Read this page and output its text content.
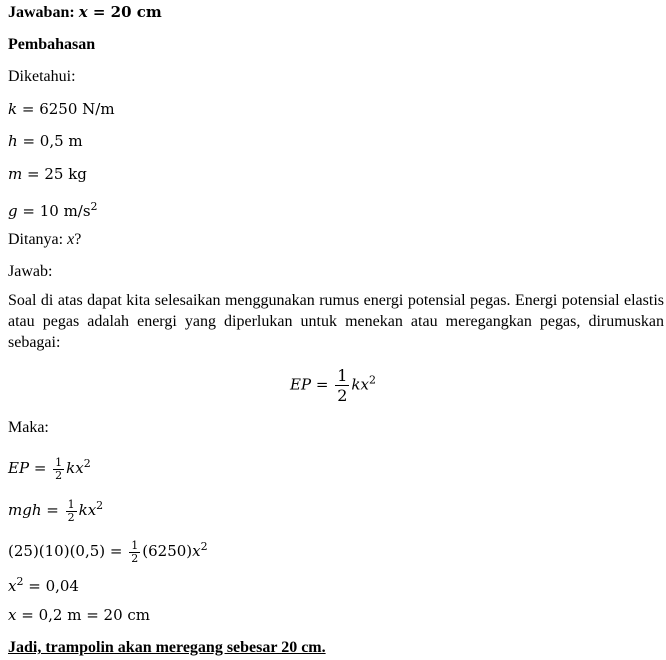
Jawaban: x = 20 cm
Pembahasan
Diketahui:
k = 6250 N/m
h = 0,5 m
m = 25 kg
g = 10 $m/s^2$
Ditanya: x?
Jawab:
Soal di atas dapat kita selesaikan menggunakan rumus energi potensial pegas. Energi potensial elastis atau pegas adalah energi yang diperlukan untuk menekan atau meregangkan pegas, dirumuskan sebagai:
EP = $\frac{1}{2} kx^2$
Maka:
EP = $\frac{1}{2} kx^2$
mgh = $\frac{1}{2} kx^2$
$(25)(10)(0,5) = \frac{1}{2} (6250)x^2$
$x^2 = 0,04$
x = 0,2 m = 20 cm
Jadi, trampolin akan meregang sebesar 20 cm.
